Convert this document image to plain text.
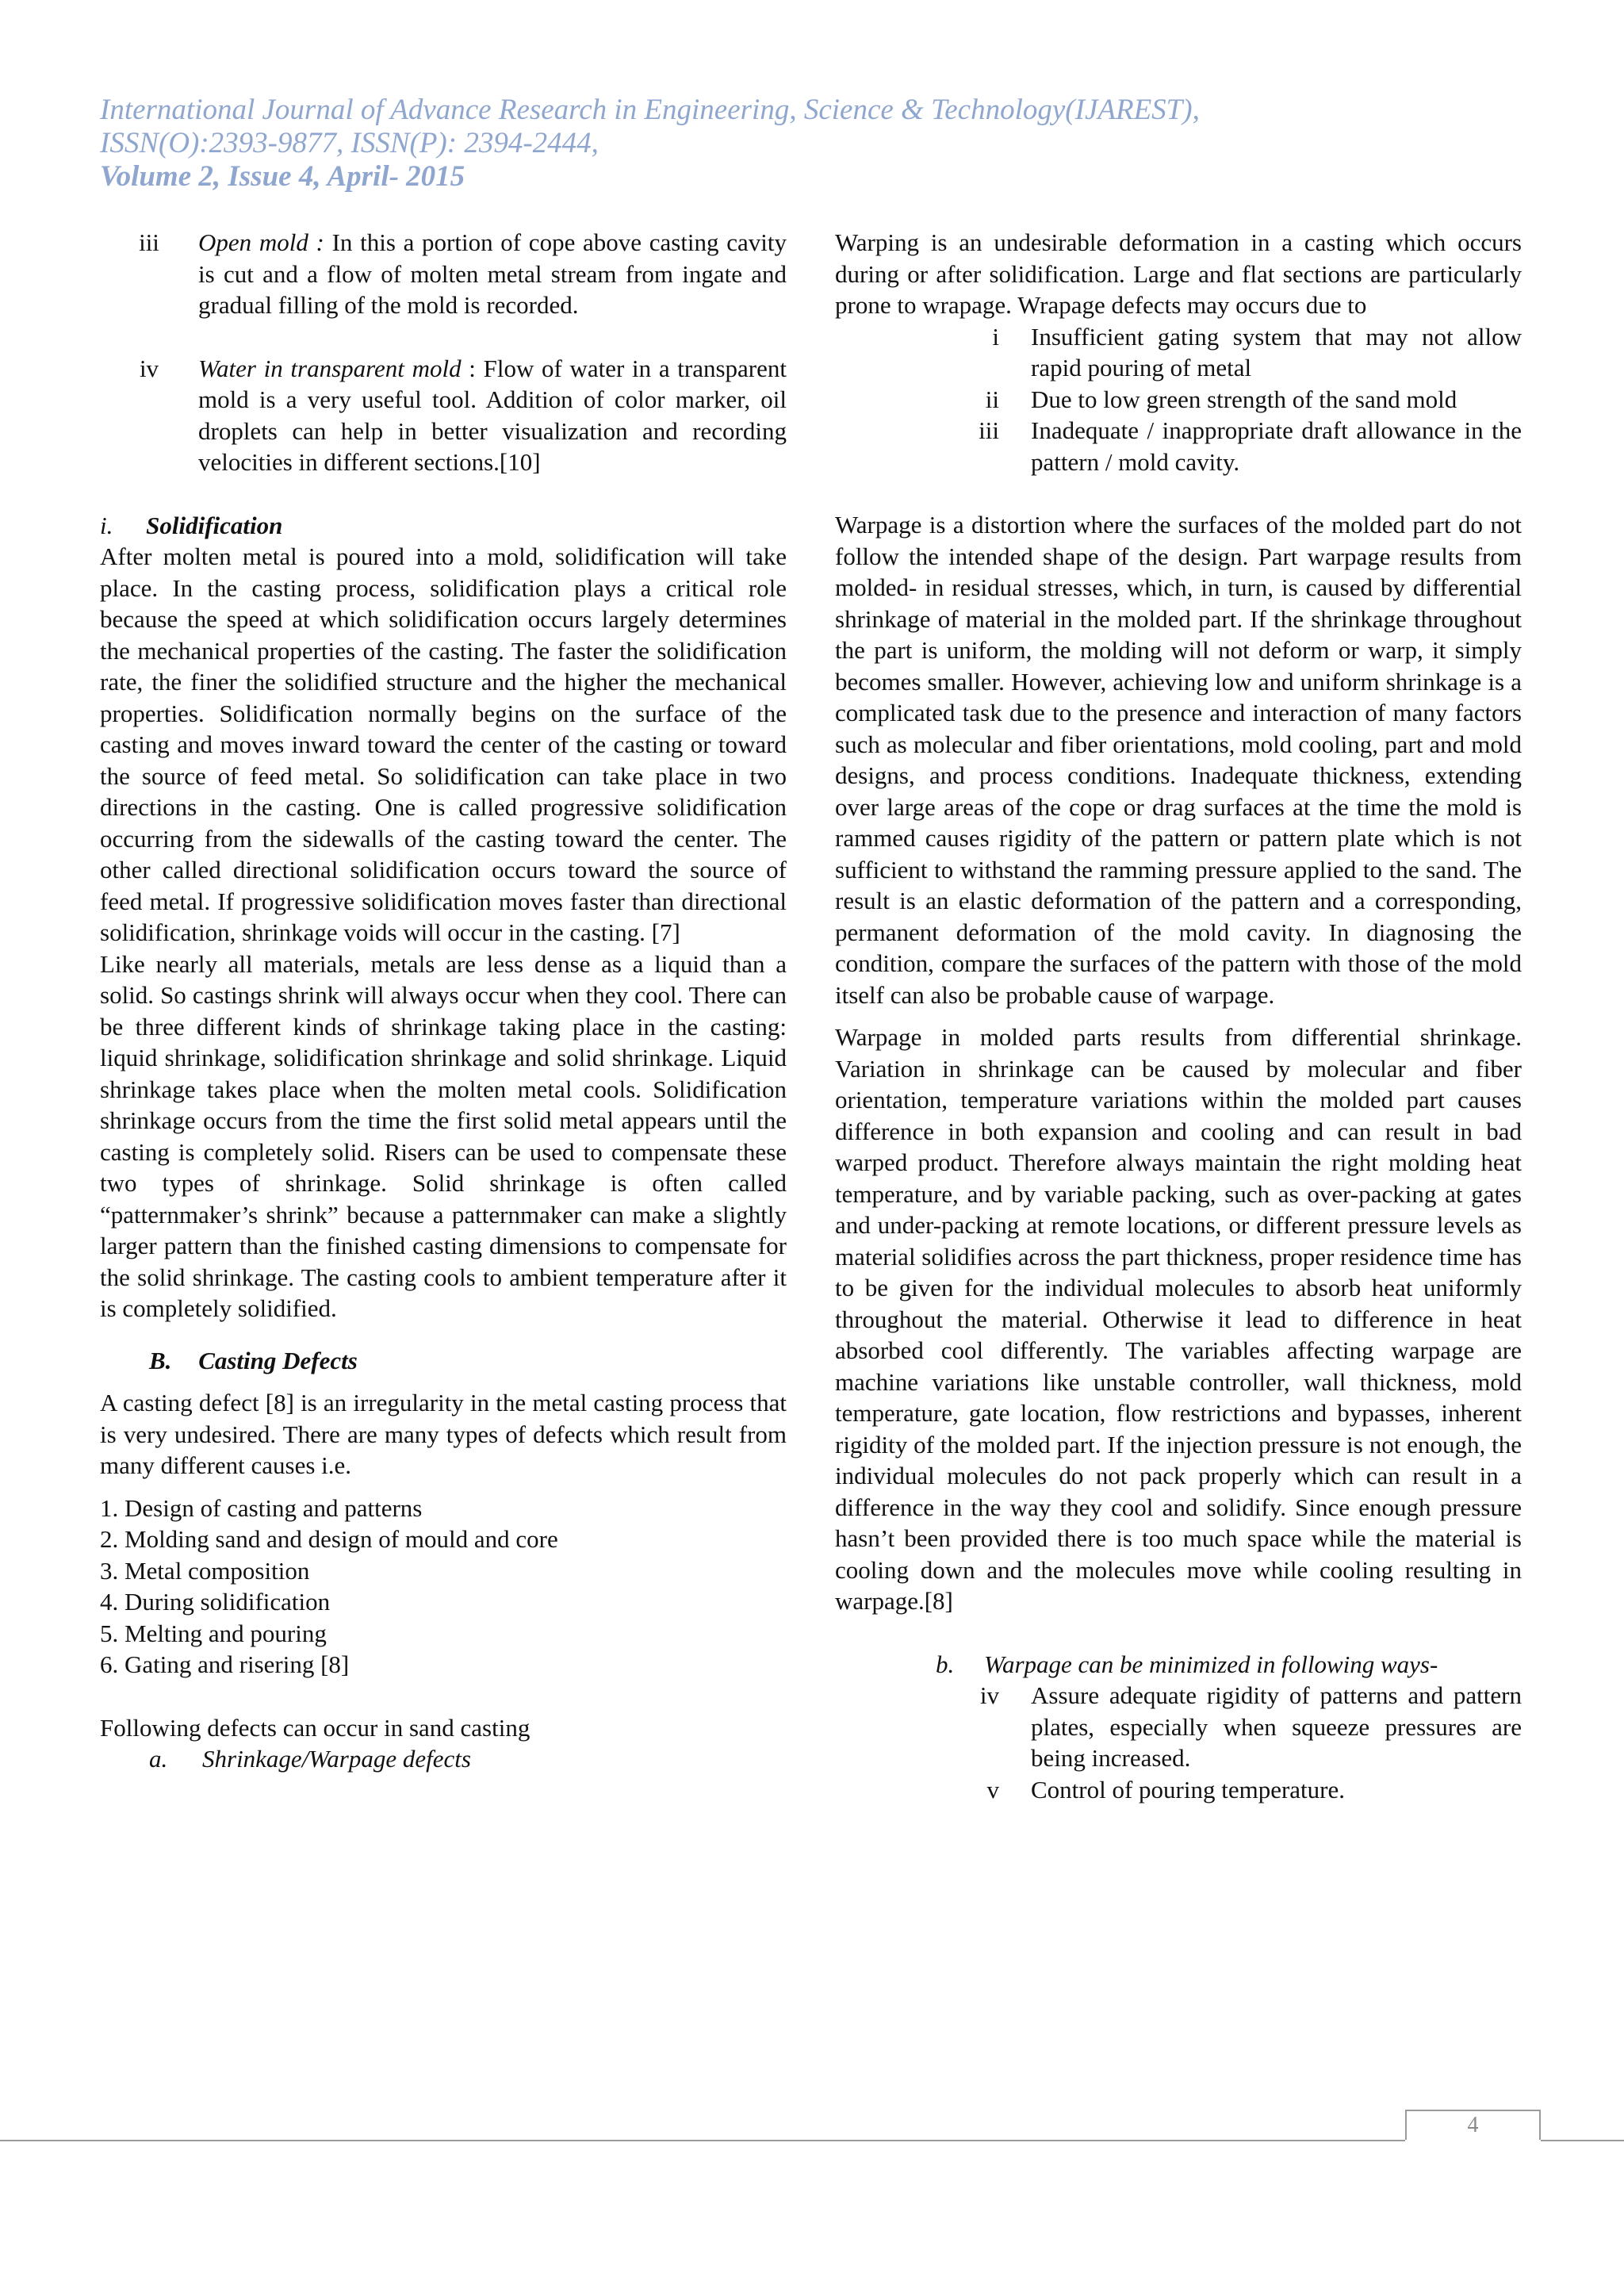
International Journal of Advance Research in Engineering, Science & Technology(IJAREST),
ISSN(O):2393-9877, ISSN(P): 2394-2444,
Volume 2, Issue 4, April- 2015
iii	Open mold : In this a portion of cope above casting cavity is cut and a flow of molten metal stream from ingate and gradual filling of the mold is recorded.

iv	Water in transparent mold : Flow of water in a transparent mold is a very useful tool. Addition of color marker, oil droplets can help in better visualization and recording velocities in different sections.[10]

i. Solidification

After molten metal is poured into a mold, solidification will take place. In the casting process, solidification plays a critical role because the speed at which solidification occurs largely determines the mechanical properties of the casting. The faster the solidification rate, the finer the solidified structure and the higher the mechanical properties. Solidification normally begins on the surface of the casting and moves inward toward the center of the casting or toward the source of feed metal. So solidification can take place in two directions in the casting. One is called progressive solidification occurring from the sidewalls of the casting toward the center. The other called directional solidification occurs toward the source of feed metal. If progressive solidification moves faster than directional solidification, shrinkage voids will occur in the casting. [7]

Like nearly all materials, metals are less dense as a liquid than a solid. So castings shrink will always occur when they cool. There can be three different kinds of shrinkage taking place in the casting: liquid shrinkage, solidification shrinkage and solid shrinkage. Liquid shrinkage takes place when the molten metal cools. Solidification shrinkage occurs from the time the first solid metal appears until the casting is completely solid. Risers can be used to compensate these two types of shrinkage. Solid shrinkage is often called “patternmaker’s shrink” because a patternmaker can make a slightly larger pattern than the finished casting dimensions to compensate for the solid shrinkage. The casting cools to ambient temperature after it is completely solidified.

B. Casting Defects

A casting defect [8] is an irregularity in the metal casting process that is very undesired. There are many types of defects which result from many different causes i.e.

1. Design of casting and patterns

2. Molding sand and design of mould and core

3. Metal composition

4. During solidification

5. Melting and pouring

6. Gating and risering [8]

Following defects can occur in sand casting

a. Shrinkage/Warpage defects

Warping is an undesirable deformation in a casting which occurs during or after solidification. Large and flat sections are particularly prone to wrapage. Wrapage defects may occurs due to

i	Insufficient gating system that may not allow rapid pouring of metal

ii	Due to low green strength of the sand mold

iii	Inadequate / inappropriate draft allowance in the pattern / mold cavity.

Warpage is a distortion where the surfaces of the molded part do not follow the intended shape of the design. Part warpage results from molded- in residual stresses, which, in turn, is caused by differential shrinkage of material in the molded part. If the shrinkage throughout the part is uniform, the molding will not deform or warp, it simply becomes smaller. However, achieving low and uniform shrinkage is a complicated task due to the presence and interaction of many factors such as molecular and fiber orientations, mold cooling, part and mold designs, and process conditions. Inadequate thickness, extending over large areas of the cope or drag surfaces at the time the mold is rammed causes rigidity of the pattern or pattern plate which is not sufficient to withstand the ramming pressure applied to the sand. The result is an elastic deformation of the pattern and a corresponding, permanent deformation of the mold cavity. In diagnosing the condition, compare the surfaces of the pattern with those of the mold itself can also be probable cause of warpage.

Warpage in molded parts results from differential shrinkage. Variation in shrinkage can be caused by molecular and fiber orientation, temperature variations within the molded part causes difference in both expansion and cooling and can result in bad warped product. Therefore always maintain the right molding heat temperature, and by variable packing, such as over-packing at gates and under-packing at remote locations, or different pressure levels as material solidifies across the part thickness, proper residence time has to be given for the individual molecules to absorb heat uniformly throughout the material. Otherwise it lead to difference in heat absorbed cool differently. The variables affecting warpage are machine variations like unstable controller, wall thickness, mold temperature, gate location, flow restrictions and bypasses, inherent rigidity of the molded part. If the injection pressure is not enough, the individual molecules do not pack properly which can result in a difference in the way they cool and solidify. Since enough pressure hasn’t been provided there is too much space while the material is cooling down and the molecules move while cooling resulting in warpage.[8]

b. Warpage can be minimized in following ways-
iv	Assure adequate rigidity of patterns and pattern plates, especially when squeeze pressures are being increased.

v	Control of pouring temperature.

4
